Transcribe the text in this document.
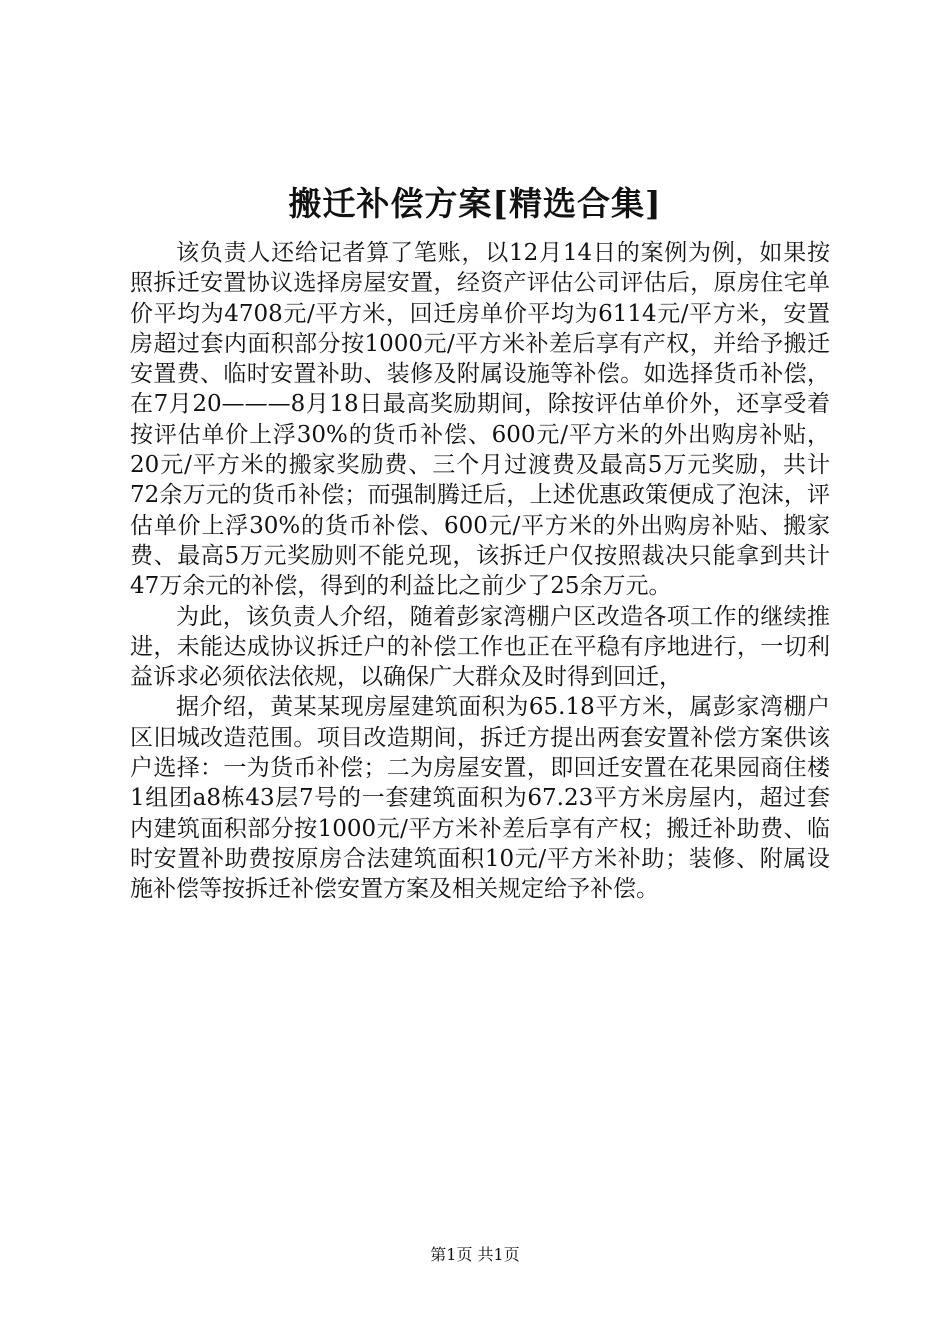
搬迁补偿方案[精选合集]

该负责人还给记者算了笔账，以12月14日的案例为例，如果按照拆迁安置协议选择房屋安置，经资产评估公司评估后，原房住宅单价平均为4708元/平方米，回迁房单价平均为6114元/平方米，安置房超过套内面积部分按1000元/平方米补差后享有产权，并给予搬迁安置费、临时安置补助、装修及附属设施等补偿。如选择货币补偿，在7月20———8月18日最高奖励期间，除按评估单价外，还享受着按评估单价上浮30%的货币补偿、600元/平方米的外出购房补贴，20元/平方米的搬家奖励费、三个月过渡费及最高5万元奖励，共计72余万元的货币补偿；而强制腾迁后，上述优惠政策便成了泡沫，评估单价上浮30%的货币补偿、600元/平方米的外出购房补贴、搬家费、最高5万元奖励则不能兑现，该拆迁户仅按照裁决只能拿到共计47万余元的补偿，得到的利益比之前少了25余万元。

为此，该负责人介绍，随着彭家湾棚户区改造各项工作的继续推进，未能达成协议拆迁户的补偿工作也正在平稳有序地进行，一切利益诉求必须依法依规，以确保广大群众及时得到回迁，

据介绍，黄某某现房屋建筑面积为65.18平方米，属彭家湾棚户区旧城改造范围。项目改造期间，拆迁方提出两套安置补偿方案供该户选择：一为货币补偿；二为房屋安置，即回迁安置在花果园商住楼1组团a8栋43层7号的一套建筑面积为67.23平方米房屋内，超过套内建筑面积部分按1000元/平方米补差后享有产权；搬迁补助费、临时安置补助费按原房合法建筑面积10元/平方米补助；装修、附属设施补偿等按拆迁补偿安置方案及相关规定给予补偿。

第1页 共1页
